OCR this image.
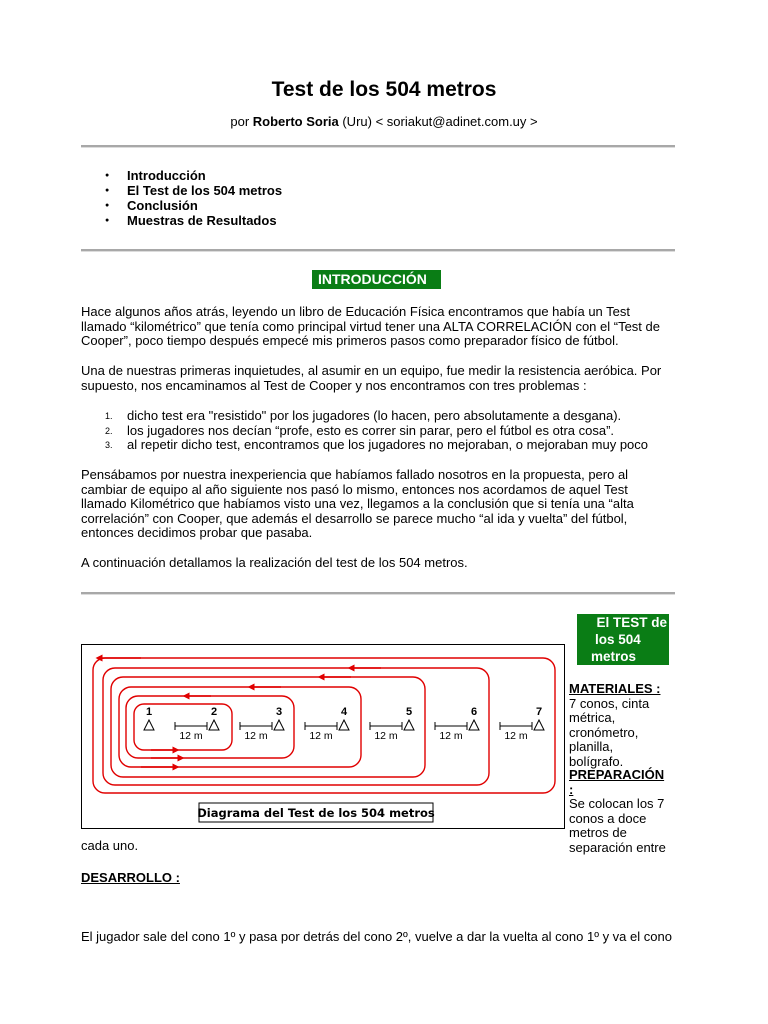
Test de los 504 metros
por Roberto Soria (Uru) < soriakut@adinet.com.uy >
● Introducción
● El Test de los 504 metros
● Conclusión
● Muestras de Resultados
INTRODUCCIÓN
Hace algunos años atrás, leyendo un libro de Educación Física encontramos que había un Test llamado “kilométrico” que tenía como principal virtud tener una ALTA CORRELACIÓN con el “Test de Cooper”, poco tiempo después empecé mis primeros pasos como preparador físico de fútbol.
Una de nuestras primeras inquietudes, al asumir en un equipo, fue medir la resistencia aeróbica. Por supuesto, nos encaminamos al Test de Cooper y nos encontramos con tres problemas :
1. dicho test era "resistido" por los jugadores (lo hacen, pero absolutamente a desgana).
2. los jugadores nos decían “profe, esto es correr sin parar, pero el fútbol es otra cosa”.
3. al repetir dicho test, encontramos que los jugadores no mejoraban, o mejoraban muy poco
Pensábamos por nuestra inexperiencia que habíamos fallado nosotros en la propuesta, pero al cambiar de equipo al año siguiente nos pasó lo mismo, entonces nos acordamos de aquel Test llamado Kilométrico que habíamos visto una vez, llegamos a la conclusión que si tenía una “alta correlación” con Cooper, que además el desarrollo se parece mucho “al ida y vuelta” del fútbol, entonces decidimos probar que pasaba.
A continuación detallamos la realización del test de los 504 metros.
El TEST de
los 504
metros
1	2	3	4	5	6	7
12 m	12 m	12 m	12 m	12 m	12 m
Diagrama del Test de los 504 metros
MATERIALES :
7 conos, cinta métrica, cronómetro, planilla, bolígrafo.
PREPARACIÓN :
Se colocan los 7 conos a doce metros de separación entre
cada uno.
DESARROLLO :
El jugador sale del cono 1º y pasa por detrás del cono 2º, vuelve a dar la vuelta al cono 1º y va el cono
